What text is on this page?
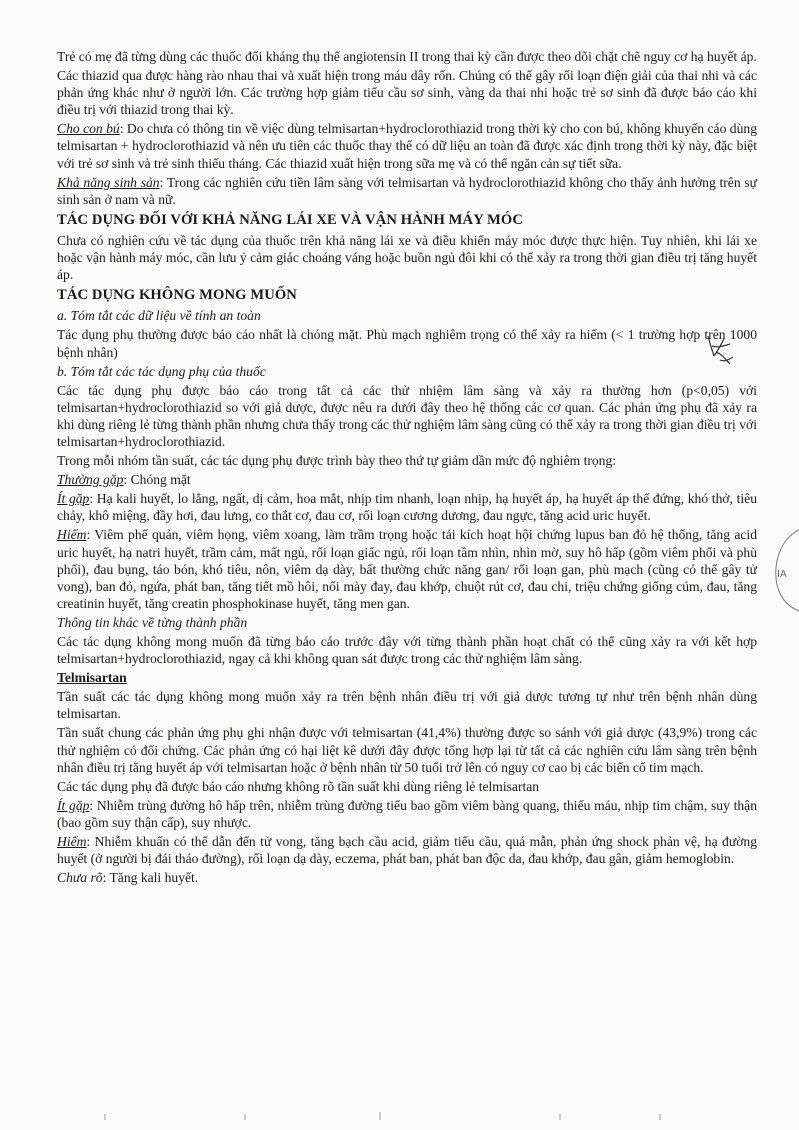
Trẻ có mẹ đã từng dùng các thuốc đối kháng thụ thể angiotensin II trong thai kỳ cần được theo dõi chặt chẽ nguy cơ hạ huyết áp.

Các thiazid qua được hàng rào nhau thai và xuất hiện trong máu dây rốn. Chúng có thể gây rối loạn điện giải của thai nhi và các phản ứng khác như ở người lớn. Các trường hợp giảm tiểu cầu sơ sinh, vàng da thai nhi hoặc trẻ sơ sinh đã được báo cáo khi điều trị với thiazid trong thai kỳ.

Cho con bú: Do chưa có thông tin về việc dùng telmisartan+hydroclorothiazid trong thời kỳ cho con bú, không khuyến cáo dùng telmisartan + hydroclorothiazid và nên ưu tiên các thuốc thay thế có dữ liệu an toàn đã được xác định trong thời kỳ này, đặc biệt với trẻ sơ sinh và trẻ sinh thiếu tháng. Các thiazid xuất hiện trong sữa mẹ và có thể ngăn cản sự tiết sữa.

Khả năng sinh sản: Trong các nghiên cứu tiền lâm sàng với telmisartan và hydroclorothiazid không cho thấy ảnh hưởng trên sự sinh sản ở nam và nữ.

TÁC DỤNG ĐỐI VỚI KHẢ NĂNG LÁI XE VÀ VẬN HÀNH MÁY MÓC

Chưa có nghiên cứu về tác dụng của thuốc trên khả năng lái xe và điều khiển máy móc được thực hiện. Tuy nhiên, khi lái xe hoặc vận hành máy móc, cần lưu ý cảm giác choáng váng hoặc buồn ngủ đôi khi có thể xảy ra trong thời gian điều trị tăng huyết áp.

TÁC DỤNG KHÔNG MONG MUỐN

a. Tóm tắt các dữ liệu về tính an toàn

Tác dụng phụ thường được báo cáo nhất là chóng mặt. Phù mạch nghiêm trọng có thể xảy ra hiếm (< 1 trường hợp trên 1000 bệnh nhân)

b. Tóm tắt các tác dụng phụ của thuốc

Các tác dụng phụ được báo cáo trong tất cả các thử nhiệm lâm sàng và xảy ra thường hơn (p<0,05) với telmisartan+hydroclorothiazid so với giả dược, được nêu ra dưới đây theo hệ thống các cơ quan. Các phản ứng phụ đã xảy ra khi dùng riêng lẻ từng thành phần nhưng chưa thấy trong các thử nghiệm lâm sàng cũng có thể xảy ra trong thời gian điều trị với telmisartan+hydroclorothiazid.

Trong mỗi nhóm tần suất, các tác dụng phụ được trình bày theo thứ tự giảm dần mức độ nghiêm trọng:

Thường gặp: Chóng mặt

Ít gặp: Hạ kali huyết, lo lắng, ngất, dị cảm, hoa mắt, nhịp tim nhanh, loạn nhịp, hạ huyết áp, hạ huyết áp thế đứng, khó thở, tiêu chảy, khô miệng, đầy hơi, đau lưng, co thắt cơ, đau cơ, rối loạn cương dương, đau ngực, tăng acid uric huyết.

Hiếm: Viêm phế quản, viêm họng, viêm xoang, làm trầm trọng hoặc tái kích hoạt hội chứng lupus ban đỏ hệ thống, tăng acid uric huyết, hạ natri huyết, trầm cảm, mất ngủ, rối loạn giấc ngủ, rối loạn tầm nhìn, nhìn mờ, suy hô hấp (gồm viêm phổi và phù phổi), đau bụng, táo bón, khó tiêu, nôn, viêm dạ dày, bất thường chức năng gan/ rối loạn gan, phù mạch (cũng có thể gây tử vong), ban đỏ, ngứa, phát ban, tăng tiết mồ hôi, nổi mày đay, đau khớp, chuột rút cơ, đau chi, triệu chứng giống cúm, đau, tăng creatinin huyết, tăng creatin phosphokinase huyết, tăng men gan.

Thông tin khác về từng thành phần

Các tác dụng không mong muốn đã từng báo cáo trước đây với từng thành phần hoạt chất có thể cũng xảy ra với kết hợp telmisartan+hydroclorothiazid, ngay cả khi không quan sát được trong các thử nghiệm lâm sàng.

Telmisartan

Tần suất các tác dụng không mong muốn xảy ra trên bệnh nhân điều trị với giả dược tương tự như trên bệnh nhân dùng telmisartan.

Tần suất chung các phản ứng phụ ghi nhận được với telmisartan (41,4%) thường được so sánh với giả dược (43,9%) trong các thử nghiệm có đối chứng. Các phản ứng có hại liệt kê dưới đây được tổng hợp lại từ tất cả các nghiên cứu lâm sàng trên bệnh nhân điều trị tăng huyết áp với telmisartan hoặc ở bệnh nhân từ 50 tuổi trở lên có nguy cơ cao bị các biến cố tim mạch.

Các tác dụng phụ đã được báo cáo nhưng không rõ tần suất khi dùng riêng lẻ telmisartan

Ít gặp: Nhiễm trùng đường hô hấp trên, nhiễm trùng đường tiểu bao gồm viêm bàng quang, thiếu máu, nhịp tim chậm, suy thận (bao gồm suy thận cấp), suy nhược.

Hiếm: Nhiễm khuẩn có thể dẫn đến tử vong, tăng bạch cầu acid, giảm tiểu cầu, quá mẫn, phản ứng shock phản vệ, hạ đường huyết (ở người bị đái tháo đường), rối loạn dạ dày, eczema, phát ban, phát ban độc da, đau khớp, đau gân, giảm hemoglobin.

Chưa rõ: Tăng kali huyết.

IA
